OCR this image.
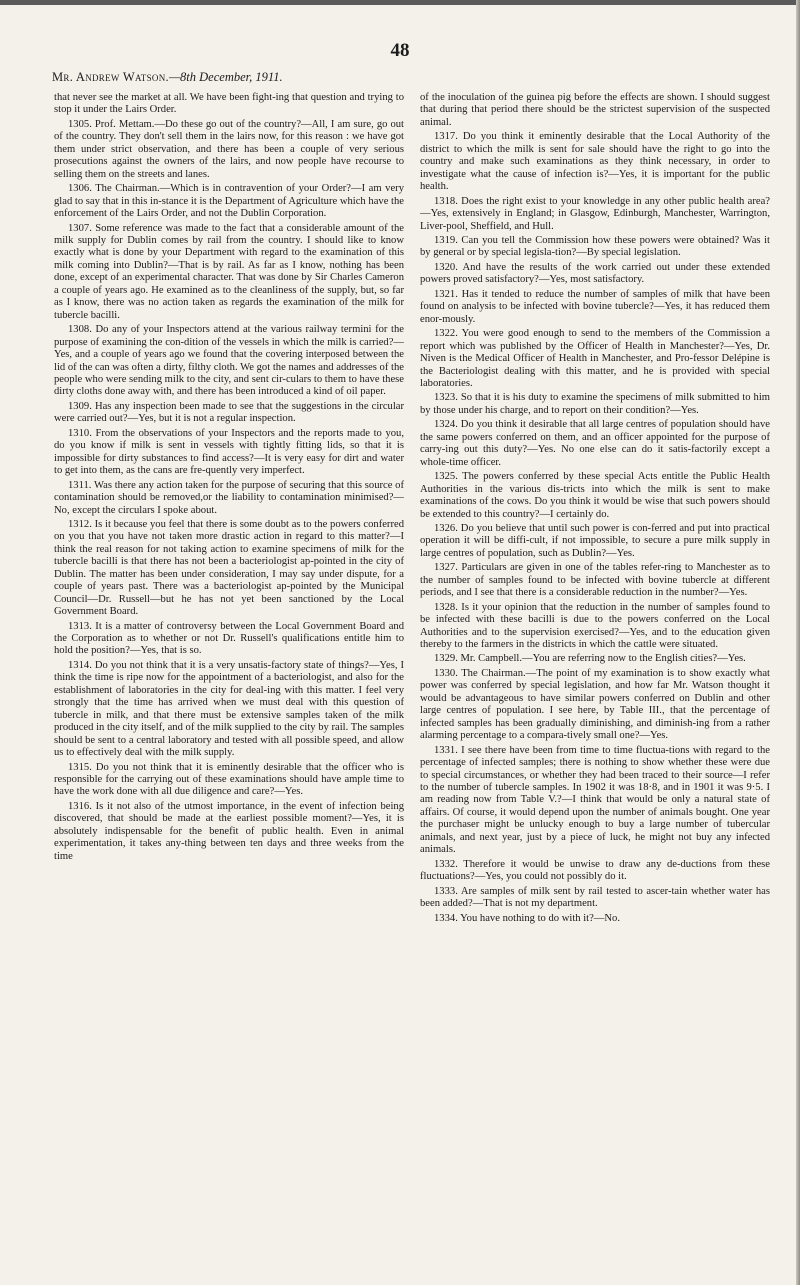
48
Mr. Andrew Watson.—8th December, 1911.

that never see the market at all. We have been fight-ing that question and trying to stop it under the Lairs Order.

1305. Prof. Mettam.—Do these go out of the country?—All, I am sure, go out of the country. They don't sell them in the lairs now, for this reason : we have got them under strict observation, and there has been a couple of very serious prosecutions against the owners of the lairs, and now people have recourse to selling them on the streets and lanes.

1306. The Chairman.—Which is in contravention of your Order?—I am very glad to say that in this in-stance it is the Department of Agriculture which have the enforcement of the Lairs Order, and not the Dublin Corporation.

1307. Some reference was made to the fact that a considerable amount of the milk supply for Dublin comes by rail from the country. I should like to know exactly what is done by your Department with regard to the examination of this milk coming into Dublin?—That is by rail. As far as I know, nothing has been done, except of an experimental character. That was done by Sir Charles Cameron a couple of years ago. He examined as to the cleanliness of the supply, but, so far as I know, there was no action taken as regards the examination of the milk for tubercle bacilli.

1308. Do any of your Inspectors attend at the various railway termini for the purpose of examining the con-dition of the vessels in which the milk is carried?—Yes, and a couple of years ago we found that the covering interposed between the lid of the can was often a dirty, filthy cloth. We got the names and addresses of the people who were sending milk to the city, and sent cir-culars to them to have these dirty cloths done away with, and there has been introduced a kind of oil paper.

1309. Has any inspection been made to see that the suggestions in the circular were carried out?—Yes, but it is not a regular inspection.

1310. From the observations of your Inspectors and the reports made to you, do you know if milk is sent in vessels with tightly fitting lids, so that it is impossible for dirty substances to find access?—It is very easy for dirt and water to get into them, as the cans are fre-quently very imperfect.

1311. Was there any action taken for the purpose of securing that this source of contamination should be removed,or the liability to contamination minimised?—No, except the circulars I spoke about.

1312. Is it because you feel that there is some doubt as to the powers conferred on you that you have not taken more drastic action in regard to this matter?—I think the real reason for not taking action to examine specimens of milk for the tubercle bacilli is that there has not been a bacteriologist ap-pointed in the city of Dublin. The matter has been under consideration, I may say under dispute, for a couple of years past. There was a bacteriologist ap-pointed by the Municipal Council—Dr. Russell—but he has not yet been sanctioned by the Local Government Board.

1313. It is a matter of controversy between the Local Government Board and the Corporation as to whether or not Dr. Russell's qualifications entitle him to hold the position?—Yes, that is so.

1314. Do you not think that it is a very unsatis-factory state of things?—Yes, I think the time is ripe now for the appointment of a bacteriologist, and also for the establishment of laboratories in the city for deal-ing with this matter. I feel very strongly that the time has arrived when we must deal with this question of tubercle in milk, and that there must be extensive samples taken of the milk produced in the city itself, and of the milk supplied to the city by rail. The samples should be sent to a central laboratory and tested with all possible speed, and allow us to effectively deal with the milk supply.

1315. Do you not think that it is eminently desirable that the officer who is responsible for the carrying out of these examinations should have ample time to have the work done with all due diligence and care?—Yes.

1316. Is it not also of the utmost importance, in the event of infection being discovered, that should be made at the earliest possible moment?—Yes, it is absolutely indispensable for the benefit of public health. Even in animal experimentation, it takes any-thing between ten days and three weeks from the time

of the inoculation of the guinea pig before the effects are shown. I should suggest that during that period there should be the strictest supervision of the suspected animal.

1317. Do you think it eminently desirable that the Local Authority of the district to which the milk is sent for sale should have the right to go into the country and make such examinations as they think necessary, in order to investigate what the cause of infection is?—Yes, it is important for the public health.

1318. Does the right exist to your knowledge in any other public health area?—Yes, extensively in England; in Glasgow, Edinburgh, Manchester, Warrington, Liver-pool, Sheffield, and Hull.

1319. Can you tell the Commission how these powers were obtained? Was it by general or by special legisla-tion?—By special legislation.

1320. And have the results of the work carried out under these extended powers proved satisfactory?—Yes, most satisfactory.

1321. Has it tended to reduce the number of samples of milk that have been found on analysis to be infected with bovine tubercle?—Yes, it has reduced them enor-mously.

1322. You were good enough to send to the members of the Commission a report which was published by the Officer of Health in Manchester?—Yes, Dr. Niven is the Medical Officer of Health in Manchester, and Pro-fessor Delépine is the Bacteriologist dealing with this matter, and he is provided with special laboratories.

1323. So that it is his duty to examine the specimens of milk submitted to him by those under his charge, and to report on their condition?—Yes.

1324. Do you think it desirable that all large centres of population should have the same powers conferred on them, and an officer appointed for the purpose of carry-ing out this duty?—Yes. No one else can do it satis-factorily except a whole-time officer.

1325. The powers conferred by these special Acts entitle the Public Health Authorities in the various dis-tricts into which the milk is sent to make examinations of the cows. Do you think it would be wise that such powers should be extended to this country?—I certainly do.

1326. Do you believe that until such power is con-ferred and put into practical operation it will be diffi-cult, if not impossible, to secure a pure milk supply in large centres of population, such as Dublin?—Yes.

1327. Particulars are given in one of the tables refer-ring to Manchester as to the number of samples found to be infected with bovine tubercle at different periods, and I see that there is a considerable reduction in the number?—Yes.

1328. Is it your opinion that the reduction in the number of samples found to be infected with these bacilli is due to the powers conferred on the Local Authorities and to the supervision exercised?—Yes, and to the education given thereby to the farmers in the districts in which the cattle were situated.

1329. Mr. Campbell.—You are referring now to the English cities?—Yes.

1330. The Chairman.—The point of my examination is to show exactly what power was conferred by special legislation, and how far Mr. Watson thought it would be advantageous to have similar powers conferred on Dublin and other large centres of population. I see here, by Table III., that the percentage of infected samples has been gradually diminishing, and diminish-ing from a rather alarming percentage to a compara-tively small one?—Yes.

1331. I see there have been from time to time fluctua-tions with regard to the percentage of infected samples; there is nothing to show whether these were due to special circumstances, or whether they had been traced to their source—I refer to the number of tubercle samples. In 1902 it was 18·8, and in 1901 it was 9·5. I am reading now from Table V.?—I think that would be only a natural state of affairs. Of course, it would depend upon the number of animals bought. One year the purchaser might be unlucky enough to buy a large number of tubercular animals, and next year, just by a piece of luck, he might not buy any infected animals.

1332. Therefore it would be unwise to draw any de-ductions from these fluctuations?—Yes, you could not possibly do it.

1333. Are samples of milk sent by rail tested to ascer-tain whether water has been added?—That is not my department.

1334. You have nothing to do with it?—No.
